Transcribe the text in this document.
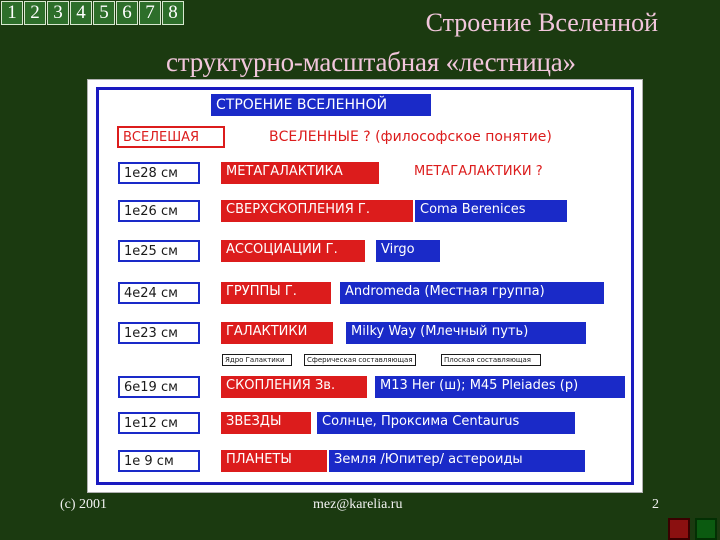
1 2 3 4 5 6 7 8	Строение Вселенной
структурно-масштабная «лестница»
СТРОЕНИЕ ВСЕЛЕННОЙ
ВСЕЛЕШАЯ	ВСЕЛЕННЫЕ ? (философское понятие)
1e28 см	МЕТАГАЛАКТИКА	МЕТАГАЛАКТИКИ ?
1e26 см	СВЕРХСКОПЛЕНИЯ Г.	Coma Berenices
1e25 см	АССОЦИАЦИИ Г.	Virgo
4e24 см	ГРУППЫ Г.	Andromeda (Местная группа)
1e23 см	ГАЛАКТИКИ	Milky Way (Млечный путь)
6e19 см	СКОПЛЕНИЯ Зв.	M13 Her (ш); M45 Pleiades (р)
1e12 см	ЗВЕЗДЫ	Солнце, Проксима Centaurus
1e 9 см	ПЛАНЕТЫ	Земля /Юпитер/ астероиды
Ядро Галактики	Сферическая составляющая	Плоская составляющая
(c) 2001	mez@karelia.ru	2
